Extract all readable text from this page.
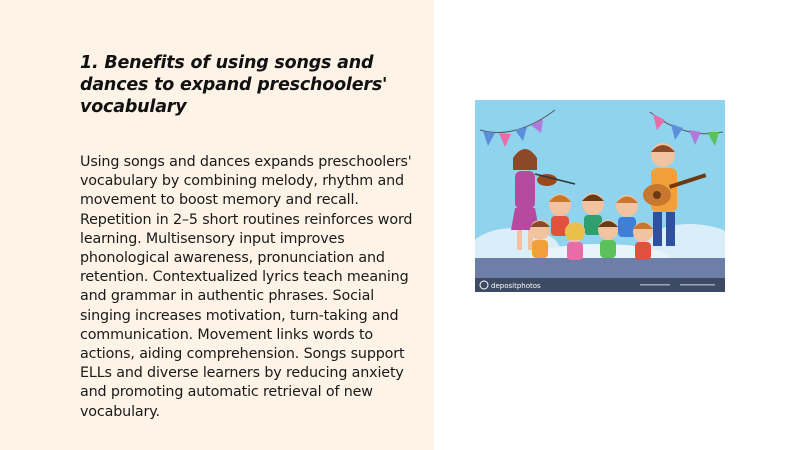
1. Benefits of using songs and dances to expand preschoolers' vocabulary

Using songs and dances expands preschoolers' vocabulary by combining melody, rhythm and movement to boost memory and recall. Repetition in 2–5 short routines reinforces word learning. Multisensory input improves phonological awareness, pronunciation and retention. Contextualized lyrics teach meaning and grammar in authentic phrases. Social singing increases motivation, turn-taking and communication. Movement links words to actions, aiding comprehension. Songs support ELLs and diverse learners by reducing anxiety and promoting automatic retrieval of new vocabulary.

depositphotos
